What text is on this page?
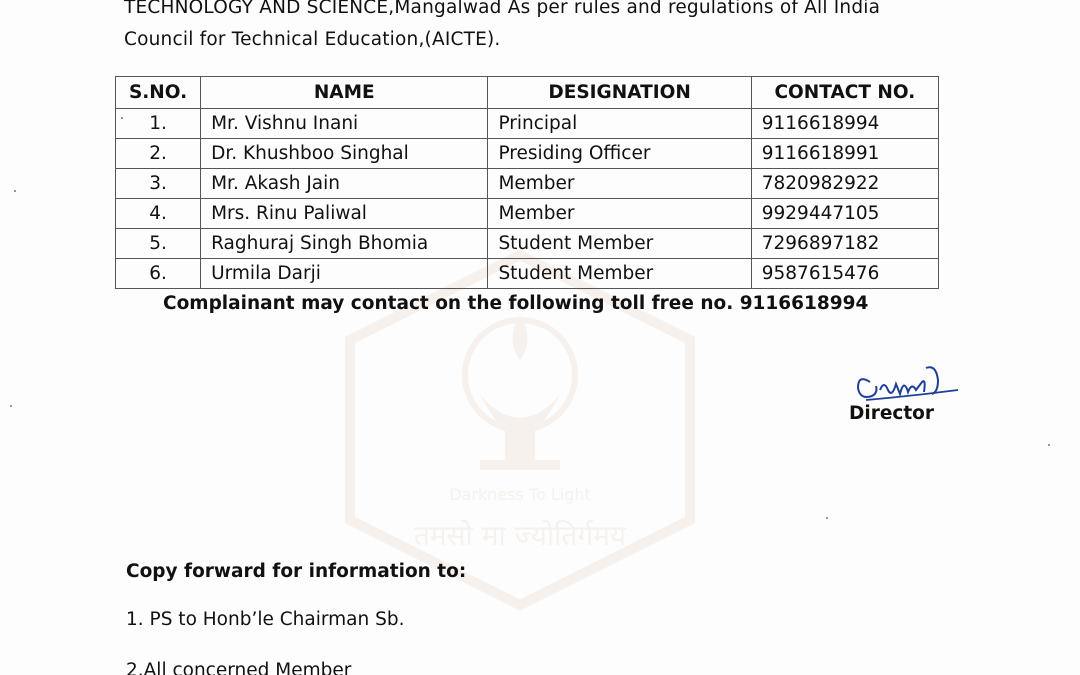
Darkness To Light
तमसो मा ज्योतिर्गमय
TECHNOLOGY AND SCIENCE,Mangalwad As per rules and regulations of All India
Council for Technical Education,(AICTE).
S.NO.	NAME	DESIGNATION	CONTACT NO.
1.	Mr. Vishnu Inani	Principal	9116618994
2.	Dr. Khushboo Singhal	Presiding Officer	9116618991
3.	Mr. Akash Jain	Member	7820982922
4.	Mrs. Rinu Paliwal	Member	9929447105
5.	Raghuraj Singh Bhomia	Student Member	7296897182
6.	Urmila Darji	Student Member	9587615476
Complainant may contact on the following toll free no. 9116618994
Director
Copy forward for information to:
1. PS to Honb’le Chairman Sb.
2.All concerned Member
